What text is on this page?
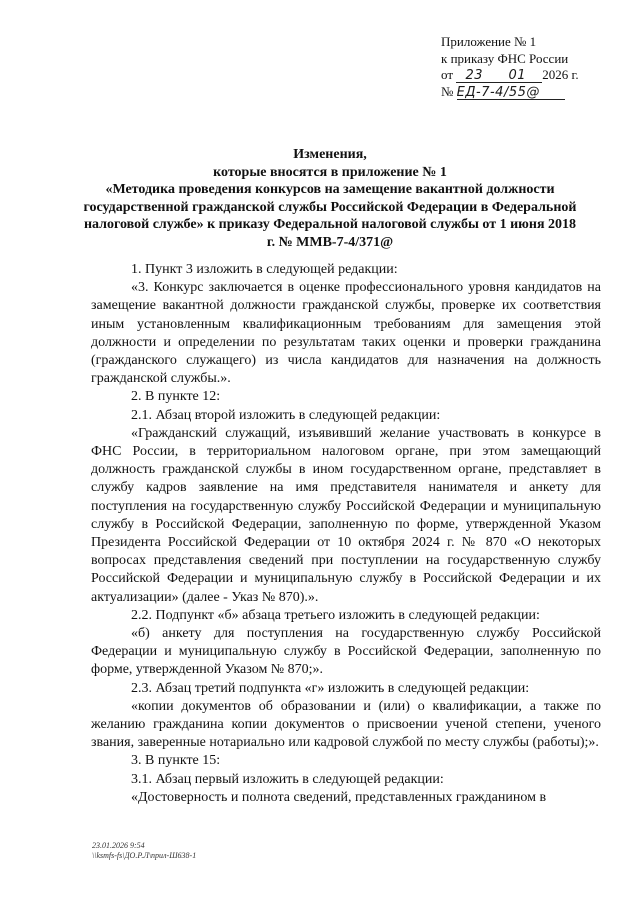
Приложение № 1
к приказу ФНС России
от 23 01 2026 г.
№ ЕД-7-4/55@
Изменения,
которые вносятся в приложение № 1
«Методика проведения конкурсов на замещение вакантной должности государственной гражданской службы Российской Федерации в Федеральной налоговой службе» к приказу Федеральной налоговой службы от 1 июня 2018 г. № ММВ-7-4/371@

1. Пункт 3 изложить в следующей редакции:

«3. Конкурс заключается в оценке профессионального уровня кандидатов на замещение вакантной должности гражданской службы, проверке их соответствия иным установленным квалификационным требованиям для замещения этой должности и определении по результатам таких оценки и проверки гражданина (гражданского служащего) из числа кандидатов для назначения на должность гражданской службы.».

2. В пункте 12:

2.1. Абзац второй изложить в следующей редакции:

«Гражданский служащий, изъявивший желание участвовать в конкурсе в ФНС России, в территориальном налоговом органе, при этом замещающий должность гражданской службы в ином государственном органе, представляет в службу кадров заявление на имя представителя нанимателя и анкету для поступления на государственную службу Российской Федерации и муниципальную службу в Российской Федерации, заполненную по форме, утвержденной Указом Президента Российской Федерации от 10 октября 2024 г. № 870 «О некоторых вопросах представления сведений при поступлении на государственную службу Российской Федерации и муниципальную службу в Российской Федерации и их актуализации» (далее - Указ № 870).».

2.2. Подпункт «б» абзаца третьего изложить в следующей редакции:

«б) анкету для поступления на государственную службу Российской Федерации и муниципальную службу в Российской Федерации, заполненную по форме, утвержденной Указом № 870;».

2.3. Абзац третий подпункта «г» изложить в следующей редакции:

«копии документов об образовании и (или) о квалификации, а также по желанию гражданина копии документов о присвоении ученой степени, ученого звания, заверенные нотариально или кадровой службой по месту службы (работы);».

3. В пункте 15:

3.1. Абзац первый изложить в следующей редакции:

«Достоверность и полнота сведений, представленных гражданином в

23.01.2026 9:54
\\ksmfs-fs\ДО.Р.Л\прил-Ш638-1
